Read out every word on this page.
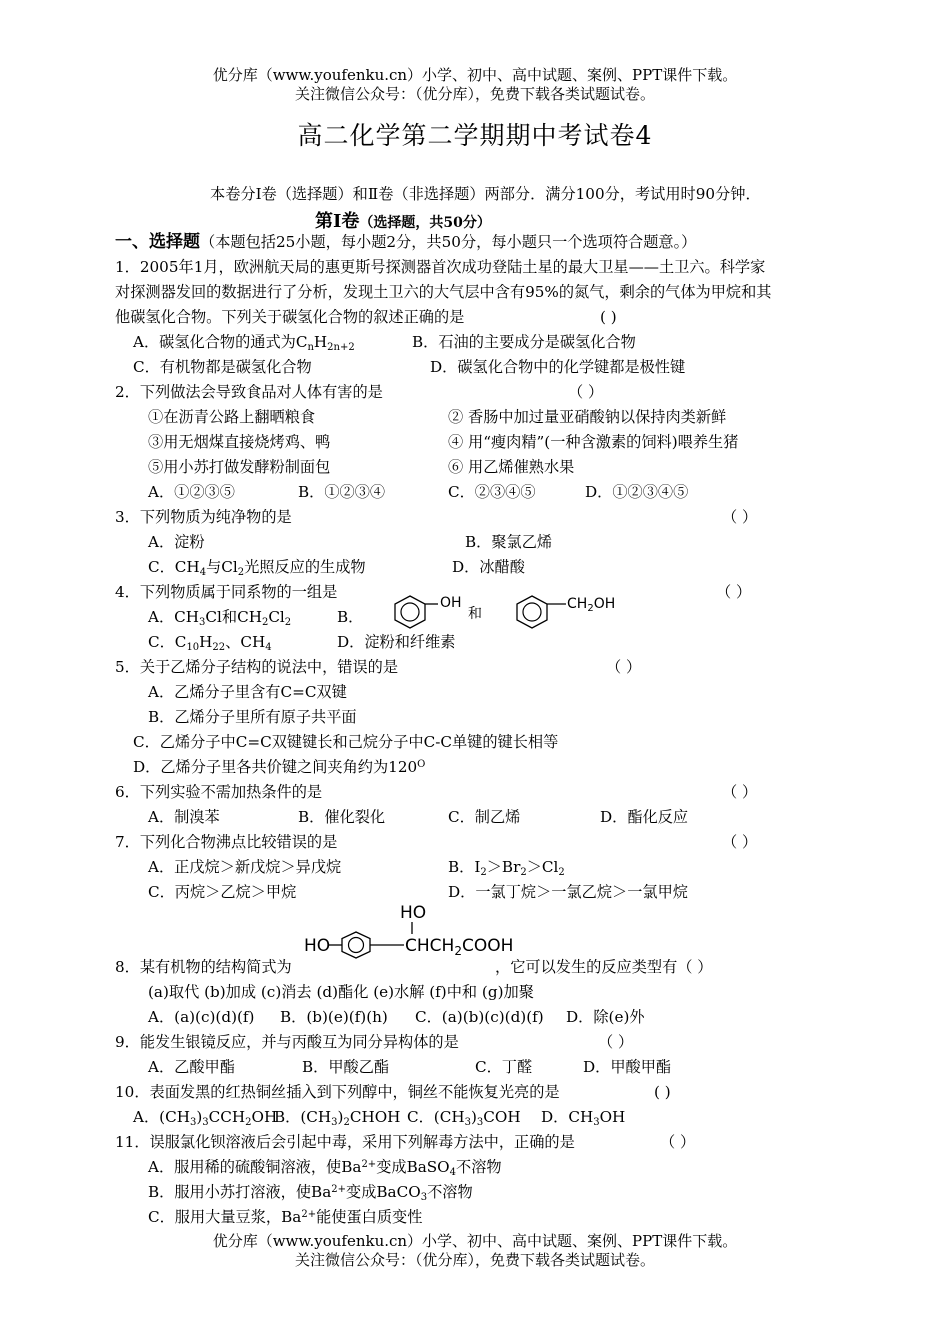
优分库（www.youfenku.cn）小学、初中、高中试题、案例、PPT课件下载。
关注微信公众号：（优分库），免费下载各类试题试卷。
高二化学第二学期期中考试卷4
本卷分Ⅰ卷（选择题）和Ⅱ卷（非选择题）两部分．满分100分，考试用时90分钟．
第Ⅰ卷（选择题，共50分）
一、选择题（本题包括25小题，每小题2分，共50分，每小题只一个选项符合题意。）
1．2005年1月，欧洲航天局的惠更斯号探测器首次成功登陆土星的最大卫星——土卫六。科学家
对探测器发回的数据进行了分析，发现土卫六的大气层中含有95%的氮气，剩余的气体为甲烷和其
他碳氢化合物。下列关于碳氢化合物的叙述正确的是	( )
A．碳氢化合物的通式为$C_nH_{2n+2}$	B．石油的主要成分是碳氢化合物
C．有机物都是碳氢化合物	D．碳氢化合物中的化学键都是极性键
2．下列做法会导致食品对人体有害的是	（ ）
①在沥青公路上翻晒粮食	② 香肠中加过量亚硝酸钠以保持肉类新鲜
③用无烟煤直接烧烤鸡、鸭	④ 用“瘦肉精”(一种含激素的饲料)喂养生猪
⑤用小苏打做发酵粉制面包	⑥ 用乙烯催熟水果
A．①②③⑤	B．①②③④	C．②③④⑤	D．①②③④⑤
3．下列物质为纯净物的是	（ ）
A．淀粉	B．聚氯乙烯
C．$CH_4$与$Cl_2$光照反应的生成物	D．冰醋酸
4．下列物质属于同系物的一组是	（ ）
A．$CH_3Cl$和$CH_2Cl_2$	B．
OH
和
$CH_2OH$
C．$C_{10}H_{22}$、$CH_4$	D．淀粉和纤维素
5．关于乙烯分子结构的说法中，错误的是	（ ）
A．乙烯分子里含有C=C双键
B．乙烯分子里所有原子共平面
C．乙烯分子中C=C双键键长和己烷分子中C-C单键的键长相等
D．乙烯分子里各共价键之间夹角约为$120^O$
6．下列实验不需加热条件的是	（ ）
A．制溴苯	B．催化裂化	C．制乙烯	D．酯化反应
7．下列化合物沸点比较错误的是	（ ）
A．正戊烷＞新戊烷＞异戊烷	B．$I_2>Br_2>Cl_2$
C．丙烷＞乙烷＞甲烷	D．一氯丁烷＞一氯乙烷＞一氯甲烷
HO
HO	$CHCH_2COOH$
8．某有机物的结构简式为	，它可以发生的反应类型有（ ）
(a)取代 (b)加成 (c)消去 (d)酯化 (e)水解 (f)中和 (g)加聚
A．(a)(c)(d)(f) B．(b)(e)(f)(h) C．(a)(b)(c)(d)(f) D．除(e)外
9．能发生银镜反应，并与丙酸互为同分异构体的是	（ ）
A．乙酸甲酯	B．甲酸乙酯	C．丁醛	D．甲酸甲酯
10．表面发黑的红热铜丝插入到下列醇中，铜丝不能恢复光亮的是	( )
A．$(CH_3)_3CCH_2OH$
B．$(CH_3)_2CHOH$ C．$(CH_3)_3COH$ D．$CH_3OH$
11．误服氯化钡溶液后会引起中毒，采用下列解毒方法中，正确的是	（ ）
A．服用稀的硫酸铜溶液，使$Ba^{2+}$变成BaSO$_4$不溶物
B．服用小苏打溶液，使$Ba^{2+}$变成BaCO$_3$不溶物
C．服用大量豆浆，$Ba^{2+}$能使蛋白质变性
优分库（www.youfenku.cn）小学、初中、高中试题、案例、PPT课件下载。
关注微信公众号：（优分库），免费下载各类试题试卷。
